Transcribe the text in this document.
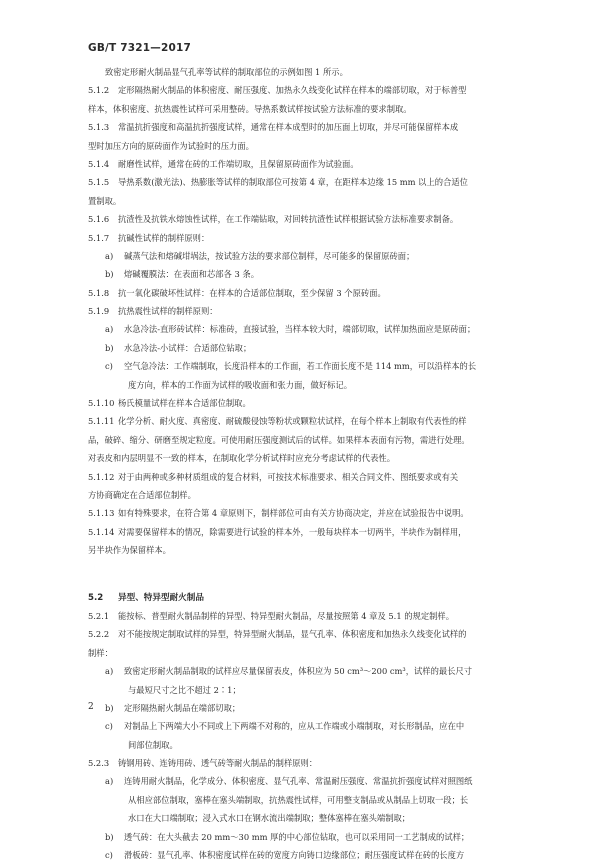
GB/T 7321—2017
致密定形耐火制品显气孔率等试样的制取部位的示例如图 1 所示。
5.1.2 定形隔热耐火制品的体积密度、耐压强度、加热永久线变化试样在样本的端部切取，对于标普型
样本，体积密度、抗热震性试样可采用整砖。导热系数试样按试验方法标准的要求制取。
5.1.3 常温抗折强度和高温抗折强度试样，通常在样本成型时的加压面上切取，并尽可能保留样本成
型时加压方向的原砖面作为试验时的压力面。
5.1.4 耐磨性试样，通常在砖的工作端切取，且保留原砖面作为试验面。
5.1.5 导热系数(激光法)、热膨胀等试样的制取部位可按第 4 章，在距样本边缘 15 mm 以上的合适位
置制取。
5.1.6 抗渣性及抗铁水熔蚀性试样，在工作端钻取，对回转抗渣性试样根据试验方法标准要求制备。
5.1.7 抗碱性试样的制样原则：
a) 碱蒸气法和熔碱坩埚法，按试验方法的要求部位制样，尽可能多的保留原砖面；
b) 熔碱覆膜法：在表面和芯部各 3 条。
5.1.8 抗一氧化碳破坏性试样：在样本的合适部位制取，至少保留 3 个原砖面。
5.1.9 抗热震性试样的制样原则：
a) 水急冷法-直形砖试样：标准砖，直接试验，当样本较大时，端部切取，试样加热面应是原砖面；
b) 水急冷法-小试样：合适部位钻取；
c) 空气急冷法：工作端制取，长度沿样本的工作面，若工作面长度不是 114 mm，可以沿样本的长
度方向，样本的工作面为试样的吸收面和张力面，做好标记。
5.1.10 杨氏模量试样在样本合适部位制取。
5.1.11 化学分析、耐火度、真密度、耐硫酸侵蚀等粉状或颗粒状试样，在每个样本上制取有代表性的样
品，破碎、缩分、研磨至规定粒度。可使用耐压强度测试后的试样。如果样本表面有污物，需进行处理。
对表皮和内层明显不一致的样本，在制取化学分析试样时应充分考虑试样的代表性。
5.1.12 对于由两种或多种材质组成的复合材料，可按技术标准要求、相关合同文件、图纸要求或有关
方协商确定在合适部位制样。
5.1.13 如有特殊要求，在符合第 4 章原则下，制样部位可由有关方协商决定，并应在试验报告中说明。
5.1.14 对需要保留样本的情况，除需要进行试验的样本外，一般每块样本一切两半，半块作为制样用，
另半块作为保留样本。
5.2 异型、特异型耐火制品
5.2.1 能按标、普型耐火制品制样的异型、特异型耐火制品，尽量按照第 4 章及 5.1 的规定制样。
5.2.2 对不能按规定制取试样的异型，特异型耐火制品，显气孔率、体积密度和加热永久线变化试样的
制样：
a) 致密定形耐火制品制取的试样应尽量保留表皮，体积应为 50 cm³～200 cm³，试样的最长尺寸
与最短尺寸之比不超过 2∶1；
b) 定形隔热耐火制品在端部切取；
c) 对制品上下两端大小不同或上下两端不对称的，应从工作端或小端制取，对长形制品，应在中
间部位制取。
5.2.3 铸钢用砖、连铸用砖、透气砖等耐火制品的制样原则：
a) 连铸用耐火制品，化学成分、体积密度、显气孔率、常温耐压强度、常温抗折强度试样对照图纸
从相应部位制取，塞棒在塞头端制取，抗热震性试样，可用整支制品或从制品上切取一段；长
水口在大口端制取；浸入式水口在钢水流出端制取；整体塞棒在塞头端制取；
b) 透气砖：在大头截去 20 mm～30 mm 厚的中心部位钻取，也可以采用同一工艺制成的试样；
c) 滑板砖：显气孔率、体积密度试样在砖的宽度方向铸口边缘部位；耐压强度试样在砖的长度方
2
